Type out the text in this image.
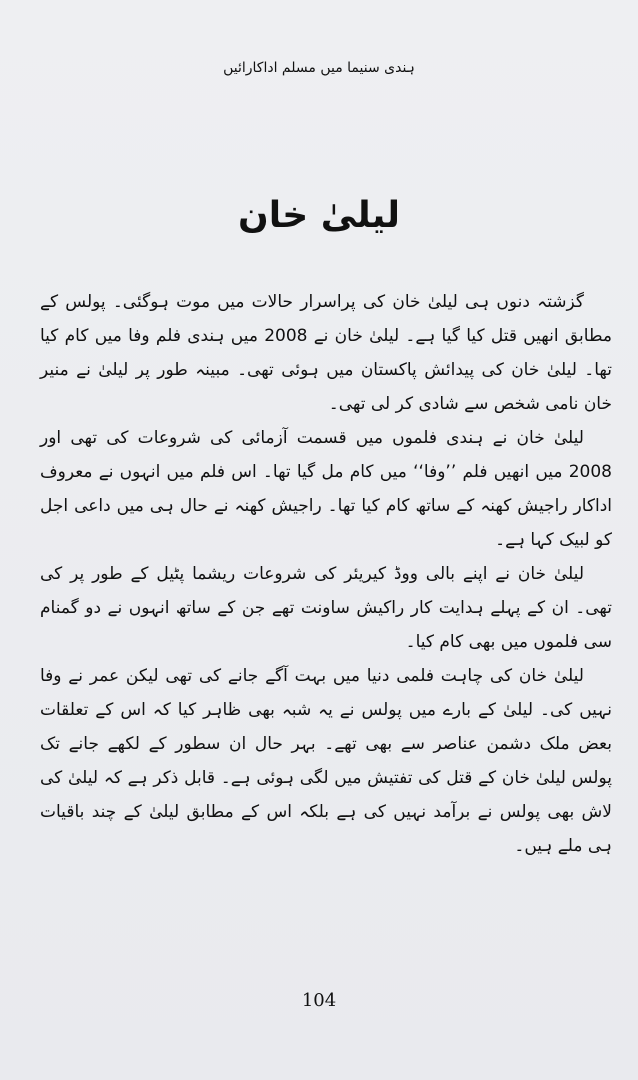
ہندی سنیما میں مسلم اداکارائیں
لیلیٰ خان

گزشتہ دنوں ہی لیلیٰ خان کی پراسرار حالات میں موت ہوگئی۔ پولس کے مطابق انھیں قتل کیا گیا ہے۔ لیلیٰ خان نے 2008 میں ہندی فلم وفا میں کام کیا تھا۔ لیلیٰ خان کی پیدائش پاکستان میں ہوئی تھی۔ مبینہ طور پر لیلیٰ نے منیر خان نامی شخص سے شادی کر لی تھی۔

لیلیٰ خان نے ہندی فلموں میں قسمت آزمائی کی شروعات کی تھی اور 2008 میں انھیں فلم ’’وفا‘‘ میں کام مل گیا تھا۔ اس فلم میں انہوں نے معروف اداکار راجیش کھنہ کے ساتھ کام کیا تھا۔ راجیش کھنہ نے حال ہی میں داعی اجل کو لبیک کہا ہے۔

لیلیٰ خان نے اپنے بالی ووڈ کیریئر کی شروعات ریشما پٹیل کے طور پر کی تھی۔ ان کے پہلے ہدایت کار راکیش ساونت تھے جن کے ساتھ انہوں نے دو گمنام سی فلموں میں بھی کام کیا۔

لیلیٰ خان کی چاہت فلمی دنیا میں بہت آگے جانے کی تھی لیکن عمر نے وفا نہیں کی۔ لیلیٰ کے بارے میں پولس نے یہ شبہ بھی ظاہر کیا کہ اس کے تعلقات بعض ملک دشمن عناصر سے بھی تھے۔ بہر حال ان سطور کے لکھے جانے تک پولس لیلیٰ خان کے قتل کی تفتیش میں لگی ہوئی ہے۔ قابل ذکر ہے کہ لیلیٰ کی لاش بھی پولس نے برآمد نہیں کی ہے بلکہ اس کے مطابق لیلیٰ کے چند باقیات ہی ملے ہیں۔

104
